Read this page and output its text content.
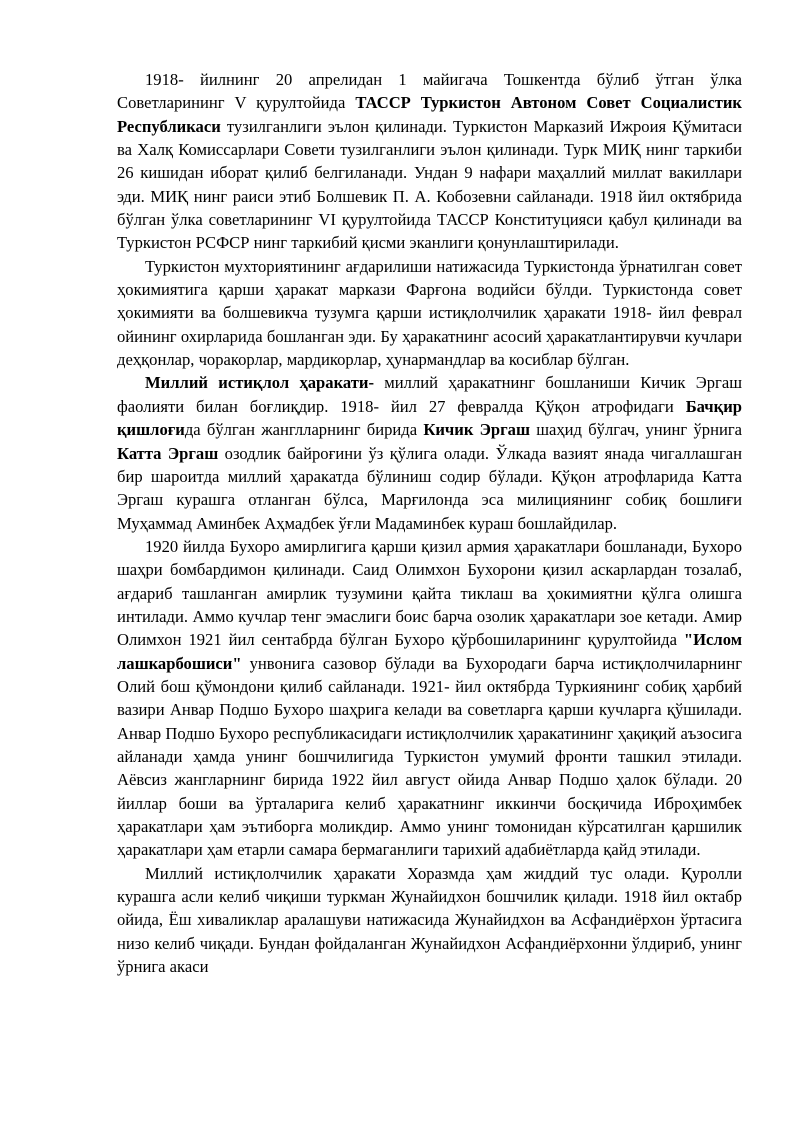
1918- йилнинг 20 апрелидан 1 майигача Тошкентда бўлиб ўтган ўлка Советларининг V қурултойида ТАССР Туркистон Автоном Совет Социалистик Республикаси тузилганлиги эълон қилинади. Туркистон Марказий Ижроия Қўмитаси ва Халқ Комиссарлари Совети тузилганлиги эълон қилинади. Турк МИҚ нинг таркиби 26 кишидан иборат қилиб белгиланади. Ундан 9 нафари маҳаллий миллат вакиллари эди. МИҚ нинг раиси этиб Болшевик П. А. Кобозевни сайланади. 1918 йил октябрида бўлган ўлка советларининг VI қурултойида ТАССР Конституцияси қабул қилинади ва Туркистон РСФСР нинг таркибий қисми эканлиги қонунлаштирилади.

Туркистон мухториятининг ағдарилиши натижасида Туркистонда ўрнатилган совет ҳокимиятига қарши ҳаракат маркази Фарғона водийси бўлди. Туркистонда совет ҳокимияти ва болшевикча тузумга қарши истиқлолчилик ҳаракати 1918- йил феврал ойининг охирларида бошланган эди. Бу ҳаракатнинг асосий ҳаракатлантирувчи кучлари деҳқонлар, чоракорлар, мардикорлар, ҳунармандлар ва косиблар бўлган.

Миллий истиқлол ҳаракати- миллий ҳаракатнинг бошланиши Кичик Эргаш фаолияти билан боғлиқдир. 1918- йил 27 февралда Қўқон атрофидаги Бачқир қишлоғида бўлган жанглларнинг бирида Кичик Эргаш шаҳид бўлгач, унинг ўрнига Катта Эргаш озодлик байроғини ўз қўлига олади. Ўлкада вазият янада чигаллашган бир шароитда миллий ҳаракатда бўлиниш содир бўлади. Қўқон атрофларида Катта Эргаш курашга отланган бўлса, Марғилонда эса милициянинг собиқ бошлиғи Муҳаммад Аминбек Аҳмадбек ўғли Мадаминбек кураш бошлайдилар.

1920 йилда Бухоро амирлигига қарши қизил армия ҳаракатлари бошланади, Бухоро шаҳри бомбардимон қилинади. Саид Олимхон Бухорони қизил аскарлардан тозалаб, ағдариб ташланган амирлик тузумини қайта тиклаш ва ҳокимиятни қўлга олишга интилади. Аммо кучлар тенг эмаслиги боис барча озолик ҳаракатлари зое кетади. Амир Олимхон 1921 йил сентабрда бўлган Бухоро қўрбошиларининг қурултойида "Ислом лашкарбошиси" унвонига сазовор бўлади ва Бухородаги барча истиқлолчиларнинг Олий бош қўмондони қилиб сайланади. 1921- йил октябрда Туркиянинг собиқ ҳарбий вазири Анвар Подшо Бухоро шаҳрига келади ва советларга қарши кучларга қўшилади. Анвар Подшо Бухоро республикасидаги истиқлолчилик ҳаракатининг ҳақиқий аъзосига айланади ҳамда унинг бошчилигида Туркистон умумий фронти ташкил этилади. Аёвсиз жангларнинг бирида 1922 йил август ойида Анвар Подшо ҳалок бўлади. 20 йиллар боши ва ўрталарига келиб ҳаракатнинг иккинчи босқичида Иброҳимбек ҳаракатлари ҳам эътиборга моликдир. Аммо унинг томонидан кўрсатилган қаршилик ҳаракатлари ҳам етарли самара бермаганлиги тарихий адабиётларда қайд этилади.

Миллий истиқлолчилик ҳаракати Хоразмда ҳам жиддий тус олади. Қуролли курашга асли келиб чиқиши туркман Жунайидхон бошчилик қилади. 1918 йил октабр ойида, Ёш хиваликлар аралашуви натижасида Жунайидхон ва Асфандиёрхон ўртасига низо келиб чиқади. Бундан фойдаланган Жунайидхон Асфандиёрхонни ўлдириб, унинг ўрнига акаси
